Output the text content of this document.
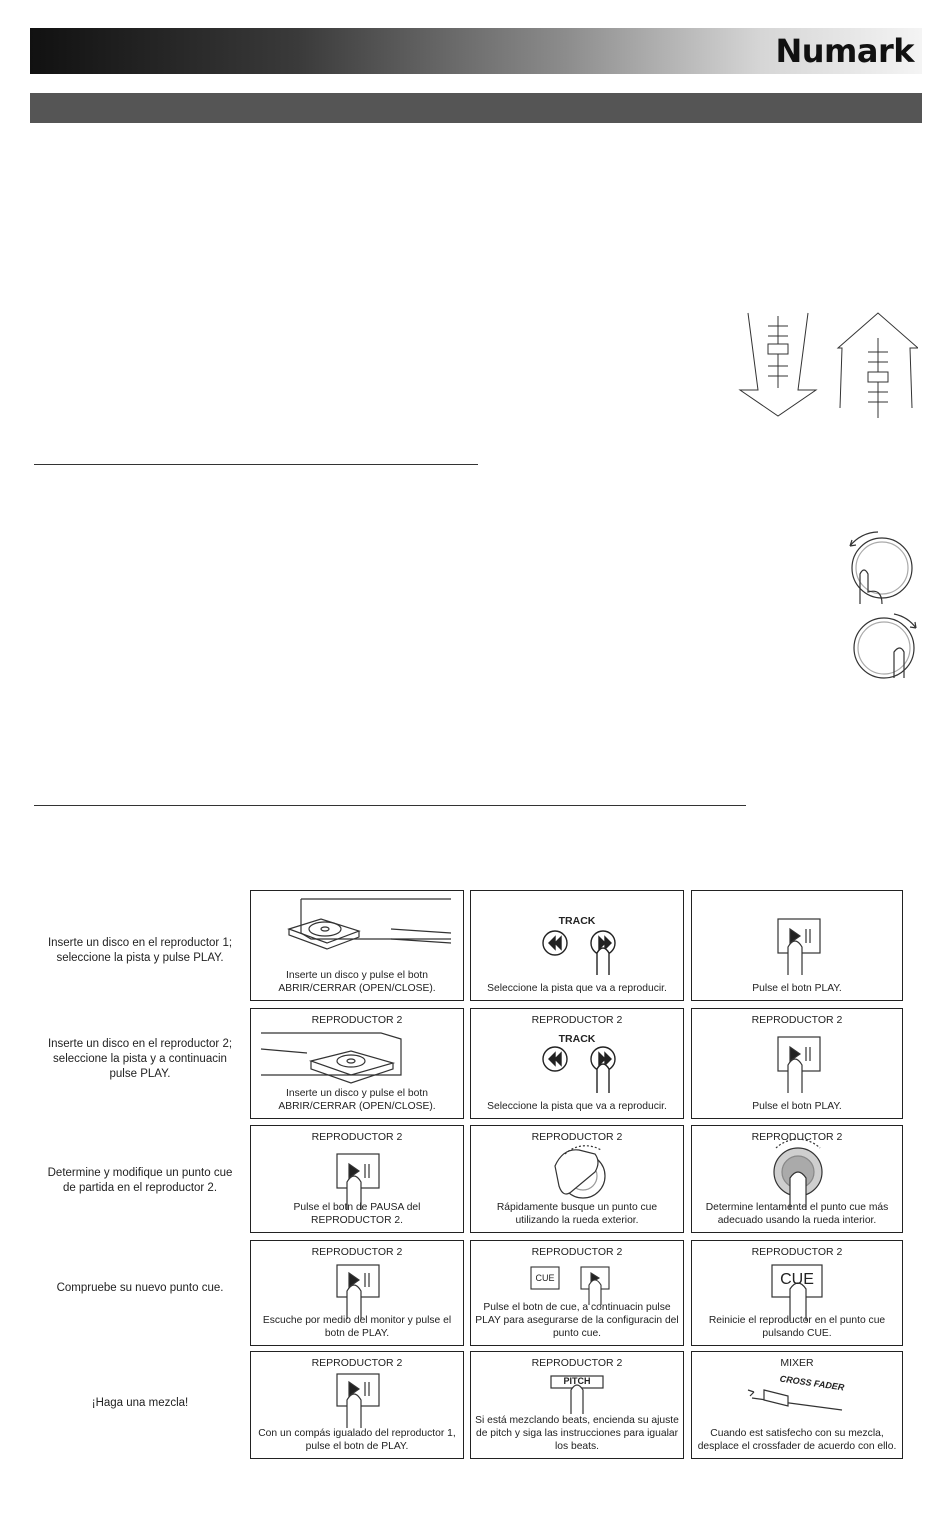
Numark
Inserte un disco en el reproductor 1; seleccione la pista y pulse PLAY.
Inserte un disco en el reproductor 2; seleccione la pista y a continuacin pulse PLAY.
Determine y modifique un punto cue de partida en el reproductor 2.
Compruebe su nuevo punto cue.
¡Haga una mezcla!
Inserte un disco y pulse el botn ABRIR/CERRAR (OPEN/CLOSE).
TRACK
Seleccione la pista que va a reproducir.	Pulse el botn PLAY.
REPRODUCTOR 2
Inserte un disco y pulse el botn ABRIR/CERRAR (OPEN/CLOSE).
REPRODUCTOR 2
TRACK
Seleccione la pista que va a reproducir.
REPRODUCTOR 2
Pulse el botn PLAY.
REPRODUCTOR 2
Pulse el botn de PAUSA del REPRODUCTOR 2.
REPRODUCTOR 2
Rápidamente busque un punto cue utilizando la rueda exterior.
REPRODUCTOR 2
Determine lentamente el punto cue más adecuado usando la rueda interior.
REPRODUCTOR 2
Escuche por medio del monitor y pulse el botn de PLAY.
REPRODUCTOR 2
CUE
Pulse el botn de cue, a continuacin pulse PLAY para asegurarse de la configuracin del punto cue.
REPRODUCTOR 2
CUE
Reinicie el reproductor en el punto cue pulsando CUE.
REPRODUCTOR 2
Con un compás igualado del reproductor 1, pulse el botn de PLAY.
REPRODUCTOR 2
PITCH
Si está mezclando beats, encienda su ajuste de pitch y siga las instrucciones para igualar los beats.
MIXER
CROSS FADER
Cuando est satisfecho con su mezcla, desplace el crossfader de acuerdo con ello.
